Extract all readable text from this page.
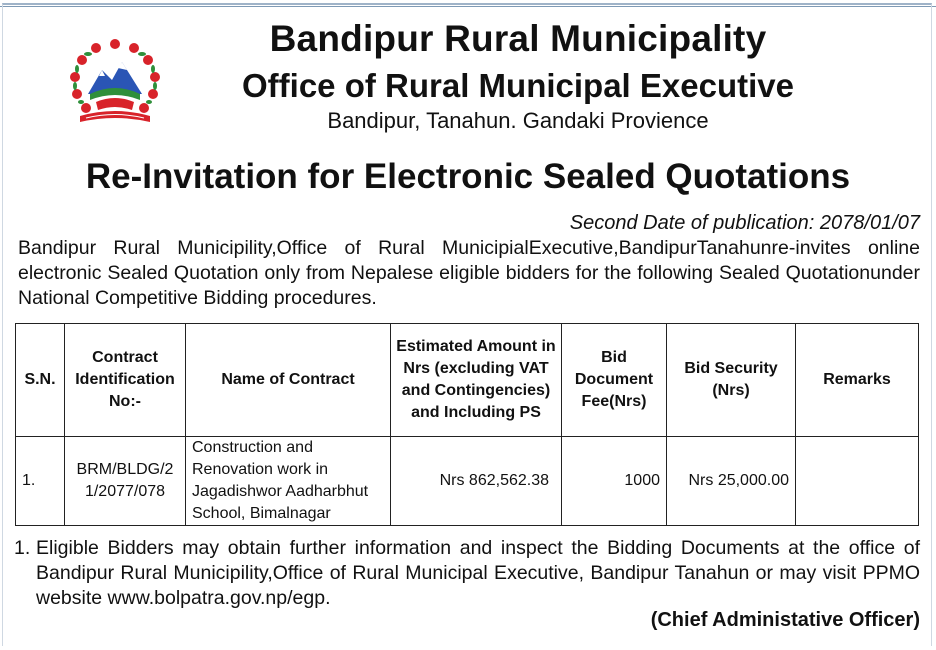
Bandipur Rural Municipality
Office of Rural Municipal Executive
Bandipur, Tanahun. Gandaki Provience
Re-Invitation for Electronic Sealed Quotations
Second Date of publication: 2078/01/07
Bandipur Rural Municipility,Office of Rural MunicipialExecutive,BandipurTanahunre-invites online electronic Sealed Quotation only from Nepalese eligible bidders for the following Sealed Quotationunder National Competitive Bidding procedures.
S.N.	Contract Identification No:-	Name of Contract	Estimated Amount in Nrs (excluding VAT and Contingencies) and Including PS	Bid Document Fee(Nrs)	Bid Security (Nrs)	Remarks
1.	BRM/BLDG/21/2077/078	Construction and Renovation work in Jagadishwor Aadharbhut School, Bimalnagar	Nrs 862,562.38	1000	Nrs 25,000.00	
1. Eligible Bidders may obtain further information and inspect the Bidding Documents at the office of Bandipur Rural Municipility,Office of Rural Municipal Executive, Bandipur Tanahun or may visit PPMO website www.bolpatra.gov.np/egp.
(Chief Administative Officer)
